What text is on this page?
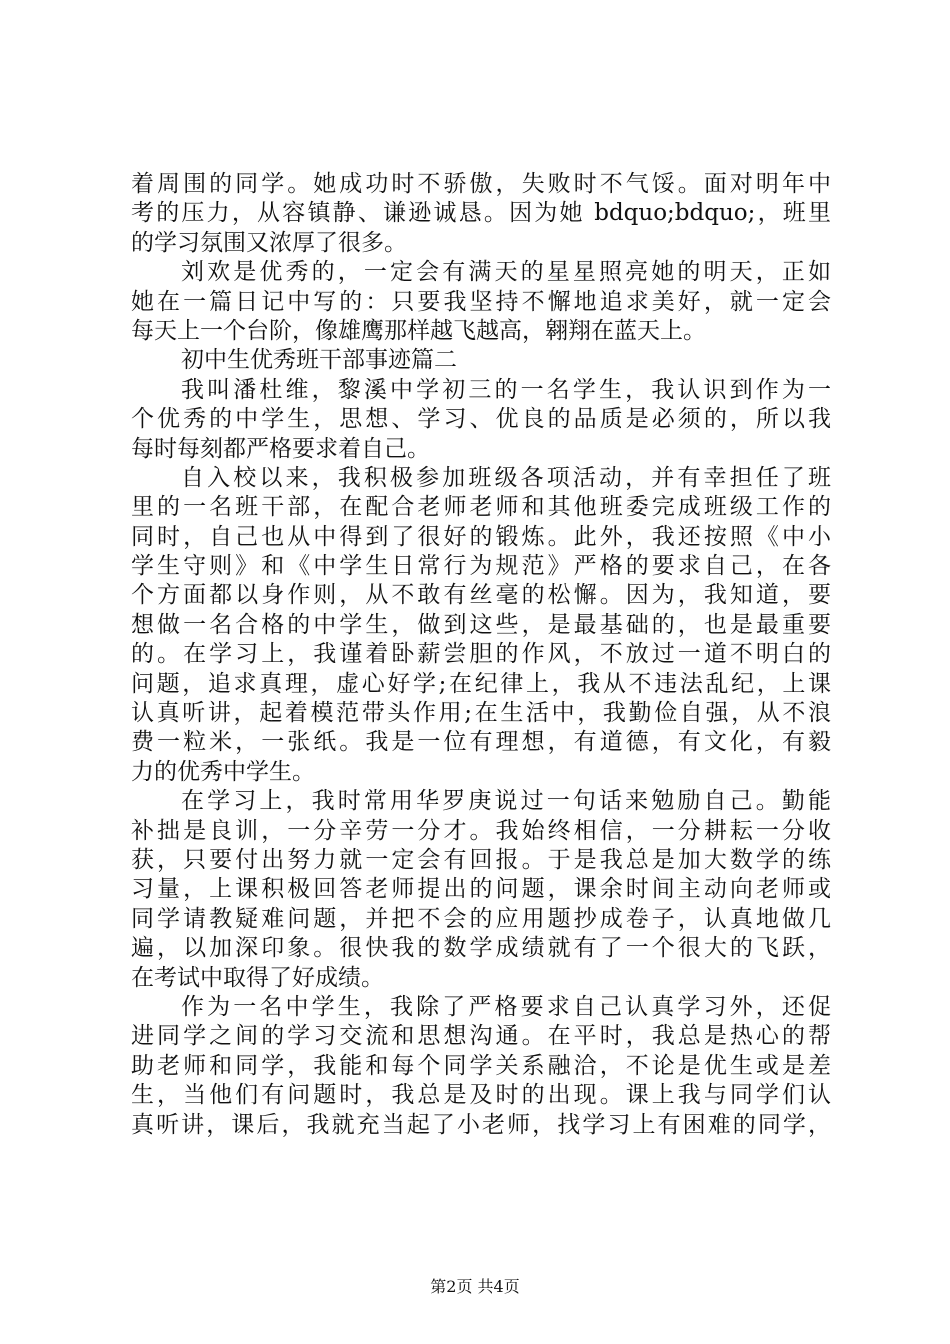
着周围的同学。她成功时不骄傲，失败时不气馁。面对明年中
考的压力，从容镇静、谦逊诚恳。因为她 bdquo;bdquo;，班里
的学习氛围又浓厚了很多。
刘欢是优秀的，一定会有满天的星星照亮她的明天，正如
她在一篇日记中写的：只要我坚持不懈地追求美好，就一定会
每天上一个台阶，像雄鹰那样越飞越高，翱翔在蓝天上。
初中生优秀班干部事迹篇二
我叫潘杜维，黎溪中学初三的一名学生，我认识到作为一
个优秀的中学生，思想、学习、优良的品质是必须的，所以我
每时每刻都严格要求着自己。
自入校以来，我积极参加班级各项活动，并有幸担任了班
里的一名班干部，在配合老师老师和其他班委完成班级工作的
同时，自己也从中得到了很好的锻炼。此外，我还按照《中小
学生守则》和《中学生日常行为规范》严格的要求自己，在各
个方面都以身作则，从不敢有丝毫的松懈。因为，我知道，要
想做一名合格的中学生，做到这些，是最基础的，也是最重要
的。在学习上，我谨着卧薪尝胆的作风，不放过一道不明白的
问题，追求真理，虚心好学;在纪律上，我从不违法乱纪，上课
认真听讲，起着模范带头作用;在生活中，我勤俭自强，从不浪
费一粒米，一张纸。我是一位有理想，有道德，有文化，有毅
力的优秀中学生。
在学习上，我时常用华罗庚说过一句话来勉励自己。勤能
补拙是良训，一分辛劳一分才。我始终相信，一分耕耘一分收
获，只要付出努力就一定会有回报。于是我总是加大数学的练
习量，上课积极回答老师提出的问题，课余时间主动向老师或
同学请教疑难问题，并把不会的应用题抄成卷子，认真地做几
遍，以加深印象。很快我的数学成绩就有了一个很大的飞跃，
在考试中取得了好成绩。
作为一名中学生，我除了严格要求自己认真学习外，还促
进同学之间的学习交流和思想沟通。在平时，我总是热心的帮
助老师和同学，我能和每个同学关系融洽，不论是优生或是差
生，当他们有问题时，我总是及时的出现。课上我与同学们认
真听讲，课后，我就充当起了小老师，找学习上有困难的同学，
第2页 共4页
